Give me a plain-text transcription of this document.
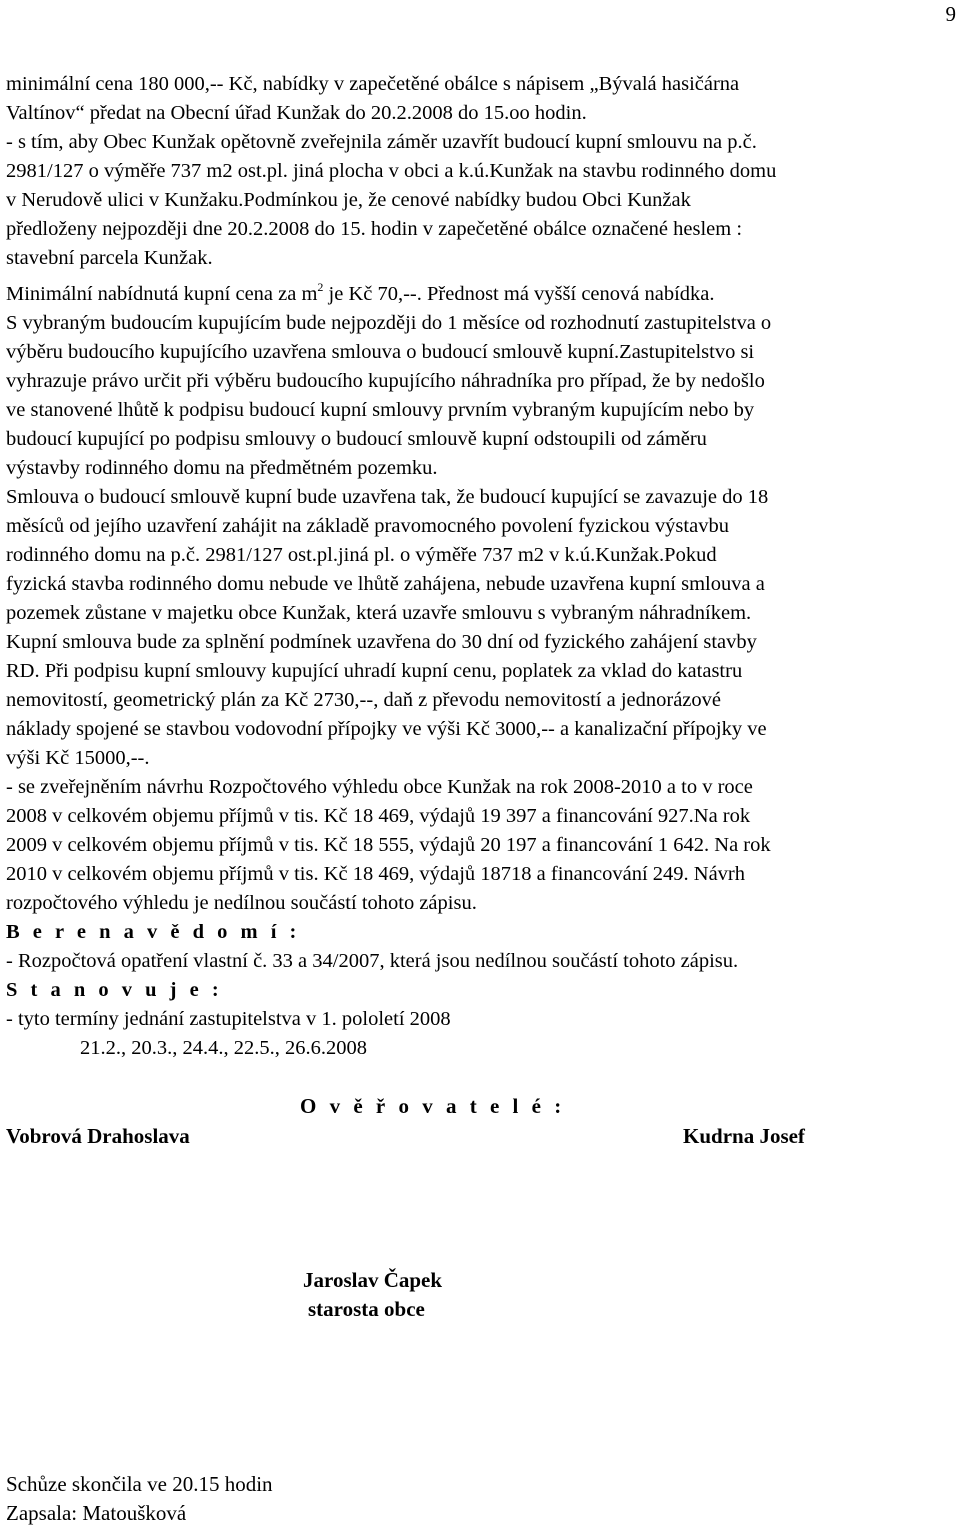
9
minimální cena 180 000,-- Kč, nabídky v zapečetěné obálce s nápisem „Bývalá hasičárna
Valtínov“ předat na Obecní úřad Kunžak do 20.2.2008 do 15.oo hodin.
- s tím, aby Obec Kunžak opětovně zveřejnila záměr uzavřít budoucí kupní smlouvu na p.č.
2981/127 o výměře 737 m2 ost.pl. jiná plocha v obci a k.ú.Kunžak na stavbu rodinného domu
v Nerudově ulici v Kunžaku.Podmínkou je, že cenové nabídky budou Obci Kunžak
předloženy nejpozději dne 20.2.2008 do 15. hodin v zapečetěné obálce označené heslem :
stavební parcela Kunžak.
Minimální nabídnutá kupní cena za $m^2$ je Kč 70,--. Přednost má vyšší cenová nabídka.
S vybraným budoucím kupujícím bude nejpozději do 1 měsíce od rozhodnutí zastupitelstva o
výběru budoucího kupujícího uzavřena smlouva o budoucí smlouvě kupní.Zastupitelstvo si
vyhrazuje právo určit při výběru budoucího kupujícího náhradníka pro případ, že by nedošlo
ve stanovené lhůtě k podpisu budoucí kupní smlouvy prvním vybraným kupujícím nebo by
budoucí kupující po podpisu smlouvy o budoucí smlouvě kupní odstoupili od záměru
výstavby rodinného domu na předmětném pozemku.
Smlouva o budoucí smlouvě kupní bude uzavřena tak, že budoucí kupující se zavazuje do 18
měsíců od jejího uzavření zahájit na základě pravomocného povolení fyzickou výstavbu
rodinného domu na p.č. 2981/127 ost.pl.jiná pl. o výměře 737 m2 v k.ú.Kunžak.Pokud
fyzická stavba rodinného domu nebude ve lhůtě zahájena, nebude uzavřena kupní smlouva a
pozemek zůstane v majetku obce Kunžak, která uzavře smlouvu s vybraným náhradníkem.
Kupní smlouva bude za splnění podmínek uzavřena do 30 dní od fyzického zahájení stavby
RD. Při podpisu kupní smlouvy kupující uhradí kupní cenu, poplatek za vklad do katastru
nemovitostí, geometrický plán za Kč 2730,--, daň z převodu nemovitostí a jednorázové
náklady spojené se stavbou vodovodní přípojky ve výši Kč 3000,-- a kanalizační přípojky ve
výši Kč 15000,--.
- se zveřejněním návrhu Rozpočtového výhledu obce Kunžak na rok 2008-2010 a to v roce
2008 v celkovém objemu příjmů v tis. Kč 18 469, výdajů 19 397 a financování 927.Na rok
2009 v celkovém objemu příjmů v tis. Kč 18 555, výdajů 20 197 a financování 1 642. Na rok
2010 v celkovém objemu příjmů v tis. Kč 18 469, výdajů 18718 a financování 249. Návrh
rozpočtového výhledu je nedílnou součástí tohoto zápisu.
B e r e n a v ě d o m í :
- Rozpočtová opatření vlastní č. 33 a 34/2007, která jsou nedílnou součástí tohoto zápisu.
S t a n o v u j e :
- tyto termíny jednání zastupitelstva v 1. pololetí 2008
21.2., 20.3., 24.4., 22.5., 26.6.2008
O v ě ř o v a t e l é :
Vobrová Drahoslava	Kudrna Josef
Jaroslav Čapek
starosta obce
Schůze skončila ve 20.15 hodin
Zapsala: Matoušková
